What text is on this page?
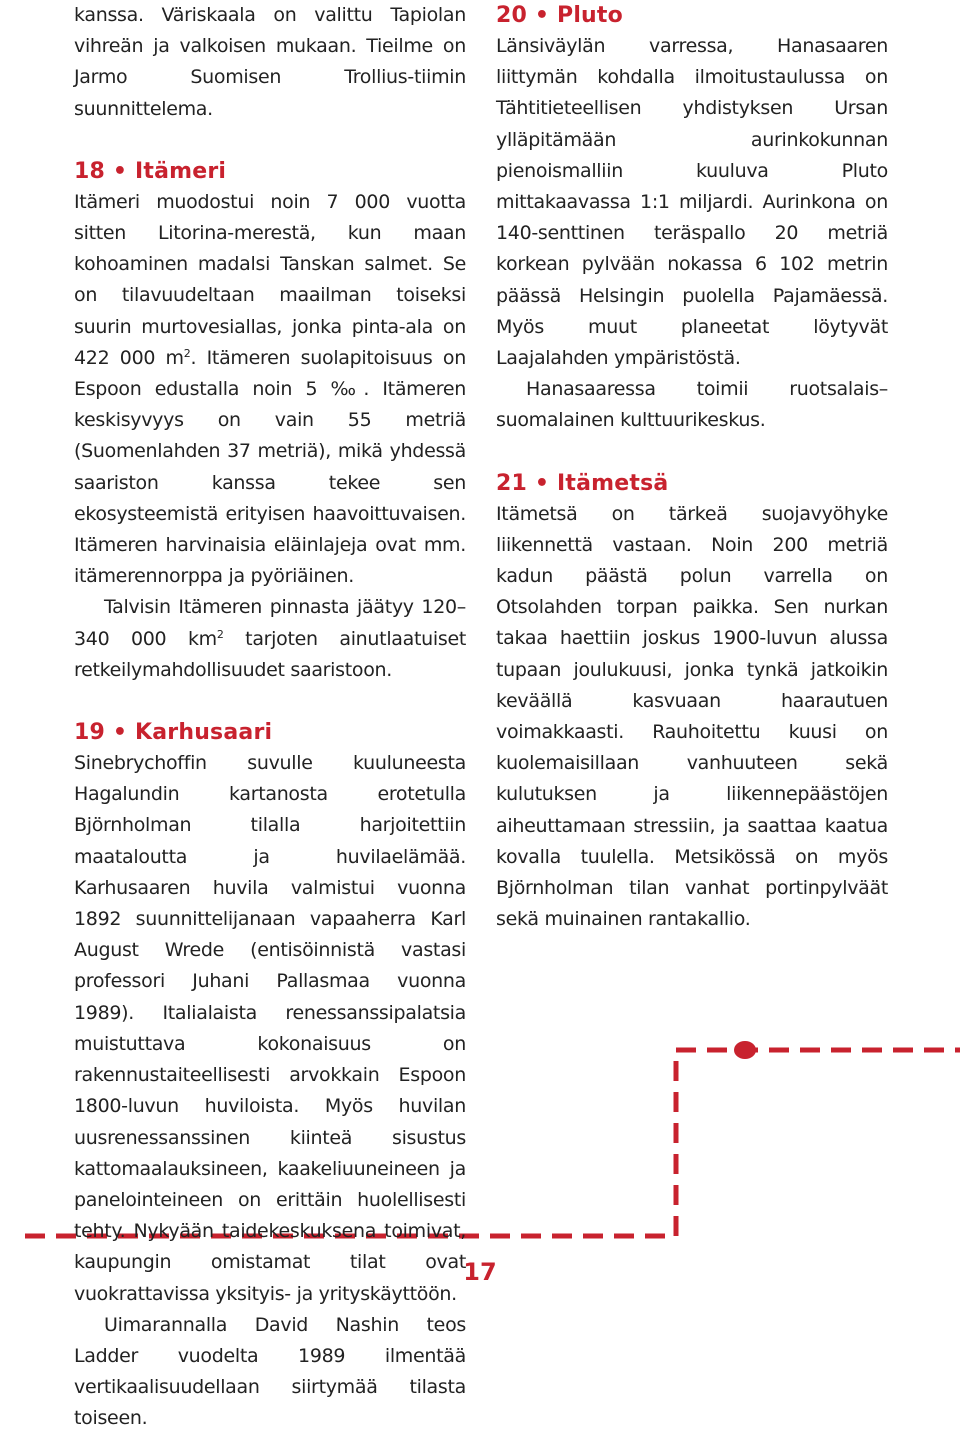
kanssa. Väriskaala on valittu Tapiolan vihreän ja valkoisen mukaan. Tieilme on Jarmo Suomisen Trollius-tiimin suunnittelema.

18 • Itämeri

Itämeri muodostui noin 7 000 vuotta sitten Litorina-merestä, kun maan kohoaminen madalsi Tanskan salmet. Se on tilavuudeltaan maailman toiseksi suurin murtovesiallas, jonka pinta-ala on 422 000 $m^2$. Itämeren suolapitoisuus on Espoon edustalla noin 5 ‰. Itämeren keskisyvyys on vain 55 metriä (Suomenlahden 37 metriä), mikä yhdessä saariston kanssa tekee sen ekosysteemistä erityisen haavoittuvaisen. Itämeren harvinaisia eläinlajeja ovat mm. itämerennorppa ja pyöriäinen.

Talvisin Itämeren pinnasta jäätyy 120–340 000 $km^2$ tarjoten ainutlaatuiset retkeilymahdollisuudet saaristoon.

19 • Karhusaari

Sinebrychoffin suvulle kuuluneesta Hagalundin kartanosta erotetulla Björnholman tilalla harjoitettiin maataloutta ja huvilaelämää. Karhusaaren huvila valmistui vuonna 1892 suunnittelijanaan vapaaherra Karl August Wrede (entisöinnistä vastasi professori Juhani Pallasmaa vuonna 1989). Italialaista renessanssipalatsia muistuttava kokonaisuus on rakennustaiteellisesti arvokkain Espoon 1800-luvun huviloista. Myös huvilan uusrenessanssinen kiinteä sisustus kattomaalauksineen, kaakeliuuneineen ja panelointeineen on erittäin huolellisesti tehty. Nykyään taidekeskuksena toimivat, kaupungin omistamat tilat ovat vuokrattavissa yksityis- ja yrityskäyttöön.

Uimarannalla David Nashin teos Ladder vuodelta 1989 ilmentää vertikaalisuudellaan siirtymää tilasta toiseen.

20 • Pluto

Länsiväylän varressa, Hanasaaren liittymän kohdalla ilmoitustaulussa on Tähtitieteellisen yhdistyksen Ursan ylläpitämään aurinkokunnan pienoismalliin kuuluva Pluto mittakaavassa 1:1 miljardi. Aurinkona on 140-senttinen teräspallo 20 metriä korkean pylvään nokassa 6 102 metrin päässä Helsingin puolella Pajamäessä. Myös muut planeetat löytyvät Laajalahden ympäristöstä.

Hanasaaressa toimii ruotsalais–suomalainen kulttuurikeskus.

21 • Itämetsä

Itämetsä on tärkeä suojavyöhyke liikennettä vastaan. Noin 200 metriä kadun päästä polun varrella on Otsolahden torpan paikka. Sen nurkan takaa haettiin joskus 1900-luvun alussa tupaan joulukuusi, jonka tynkä jatkoikin keväällä kasvuaan haarautuen voimakkaasti. Rauhoitettu kuusi on kuolemaisillaan vanhuuteen sekä kulutuksen ja liikennepäästöjen aiheuttamaan stressiin, ja saattaa kaatua kovalla tuulella. Metsikössä on myös Björnholman tilan vanhat portinpylväät sekä muinainen rantakallio.

17
